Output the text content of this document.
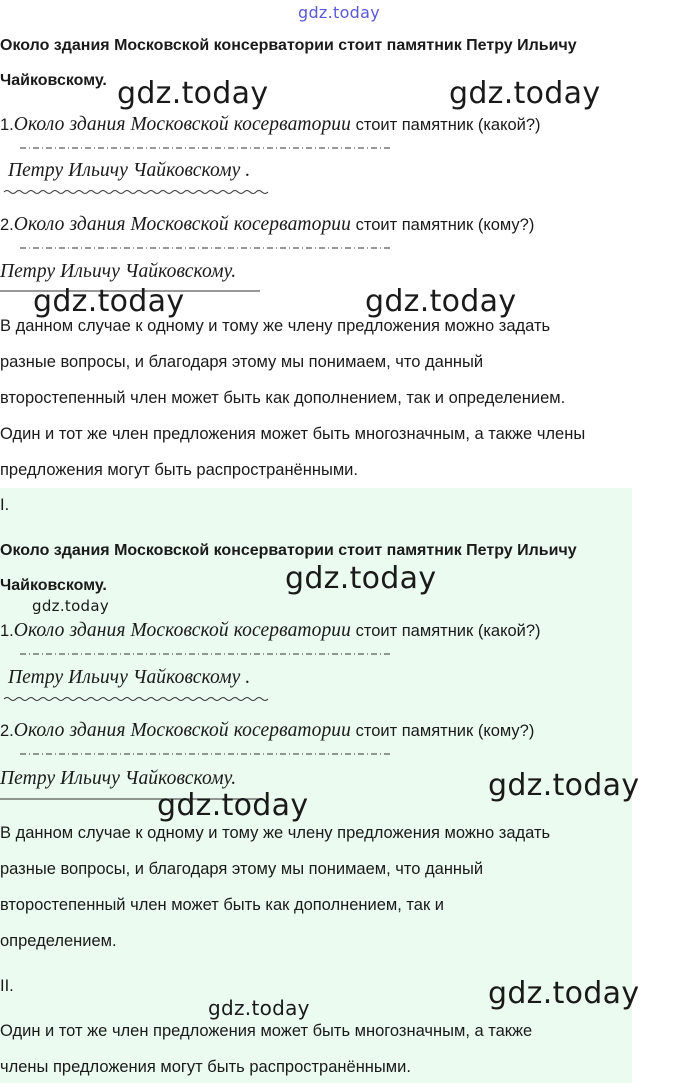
Около здания Московской консерватории стоит памятник Петру Ильичу
Чайковскому.
1.Около здания Московской косерватории стоит памятник (какой?)
Петру Ильичу Чайковскому .
2.Около здания Московской косерватории стоит памятник (кому?)
Петру Ильичу Чайковскому.
В данном случае к одному и тому же члену предложения можно задать
разные вопросы, и благодаря этому мы понимаем, что данный
второстепенный член может быть как дополнением, так и определением.
Один и тот же член предложения может быть многозначным, а также члены
предложения могут быть распространёнными.
I.
Около здания Московской консерватории стоит памятник Петру Ильичу
Чайковскому.
1.Около здания Московской косерватории стоит памятник (какой?)
Петру Ильичу Чайковскому .
2.Около здания Московской косерватории стоит памятник (кому?)
Петру Ильичу Чайковскому.
В данном случае к одному и тому же члену предложения можно задать
разные вопросы, и благодаря этому мы понимаем, что данный
второстепенный член может быть как дополнением, так и
определением.
II.
Один и тот же член предложения может быть многозначным, а также
члены предложения могут быть распространёнными.
gdz.today
gdz.today	gdz.today
gdz.today	gdz.today
gdz.today
gdz.today
gdz.today
gdz.today
gdz.today	gdz.today
